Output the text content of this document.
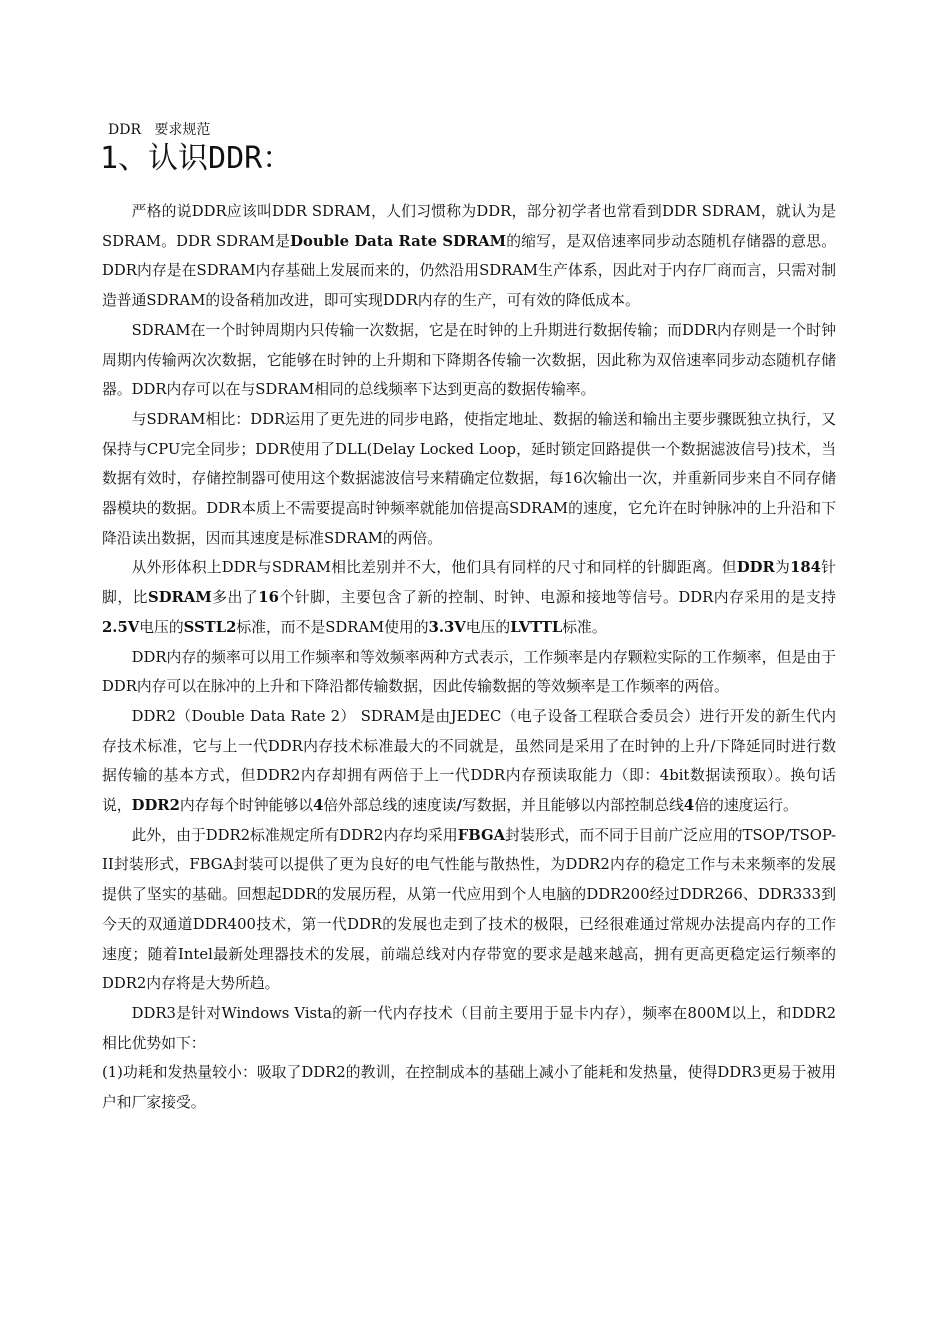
DDR   要求规范
1、认识DDR：

严格的说DDR应该叫DDR SDRAM，人们习惯称为DDR，部分初学者也常看到DDR SDRAM，就认为是SDRAM。DDR SDRAM是Double Data Rate SDRAM的缩写，是双倍速率同步动态随机存储器的意思。DDR内存是在SDRAM内存基础上发展而来的，仍然沿用SDRAM生产体系，因此对于内存厂商而言，只需对制造普通SDRAM的设备稍加改进，即可实现DDR内存的生产，可有效的降低成本。

SDRAM在一个时钟周期内只传输一次数据，它是在时钟的上升期进行数据传输；而DDR内存则是一个时钟周期内传输两次次数据，它能够在时钟的上升期和下降期各传输一次数据，因此称为双倍速率同步动态随机存储器。DDR内存可以在与SDRAM相同的总线频率下达到更高的数据传输率。

与SDRAM相比：DDR运用了更先进的同步电路，使指定地址、数据的输送和输出主要步骤既独立执行，又保持与CPU完全同步；DDR使用了DLL(Delay Locked Loop，延时锁定回路提供一个数据滤波信号)技术，当数据有效时，存储控制器可使用这个数据滤波信号来精确定位数据，每16次输出一次，并重新同步来自不同存储器模块的数据。DDR本质上不需要提高时钟频率就能加倍提高SDRAM的速度，它允许在时钟脉冲的上升沿和下降沿读出数据，因而其速度是标准SDRAM的两倍。

从外形体积上DDR与SDRAM相比差别并不大，他们具有同样的尺寸和同样的针脚距离。但DDR为184针脚，比SDRAM多出了16个针脚，主要包含了新的控制、时钟、电源和接地等信号。DDR内存采用的是支持2.5V电压的SSTL2标准，而不是SDRAM使用的3.3V电压的LVTTL标准。

DDR内存的频率可以用工作频率和等效频率两种方式表示，工作频率是内存颗粒实际的工作频率，但是由于DDR内存可以在脉冲的上升和下降沿都传输数据，因此传输数据的等效频率是工作频率的两倍。

DDR2（Double Data Rate 2） SDRAM是由JEDEC（电子设备工程联合委员会）进行开发的新生代内存技术标准，它与上一代DDR内存技术标准最大的不同就是，虽然同是采用了在时钟的上升/下降延同时进行数据传输的基本方式，但DDR2内存却拥有两倍于上一代DDR内存预读取能力（即：4bit数据读预取）。换句话说，DDR2内存每个时钟能够以4倍外部总线的速度读/写数据，并且能够以内部控制总线4倍的速度运行。

此外，由于DDR2标准规定所有DDR2内存均采用FBGA封装形式，而不同于目前广泛应用的TSOP/TSOP-II封装形式，FBGA封装可以提供了更为良好的电气性能与散热性，为DDR2内存的稳定工作与未来频率的发展提供了坚实的基础。回想起DDR的发展历程，从第一代应用到个人电脑的DDR200经过DDR266、DDR333到今天的双通道DDR400技术，第一代DDR的发展也走到了技术的极限，已经很难通过常规办法提高内存的工作速度；随着Intel最新处理器技术的发展，前端总线对内存带宽的要求是越来越高，拥有更高更稳定运行频率的DDR2内存将是大势所趋。

DDR3是针对Windows Vista的新一代内存技术（目前主要用于显卡内存），频率在800M以上，和DDR2相比优势如下：

(1)功耗和发热量较小：吸取了DDR2的教训，在控制成本的基础上减小了能耗和发热量，使得DDR3更易于被用户和厂家接受。
